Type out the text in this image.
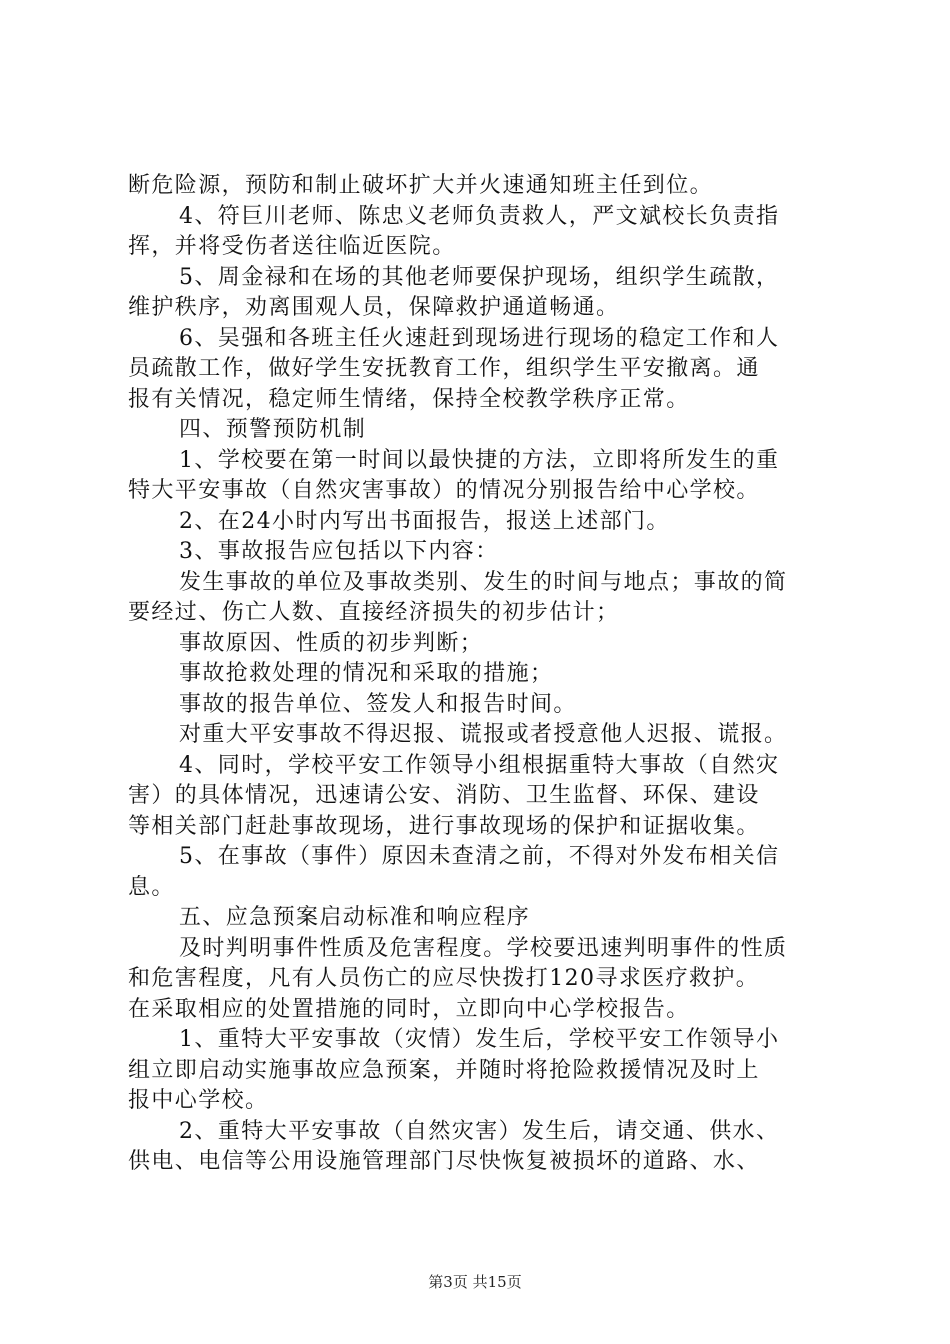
断危险源，预防和制止破坏扩大并火速通知班主任到位。
4、符巨川老师、陈忠义老师负责救人，严文斌校长负责指
挥，并将受伤者送往临近医院。
5、周金禄和在场的其他老师要保护现场，组织学生疏散，
维护秩序，劝离围观人员，保障救护通道畅通。
6、吴强和各班主任火速赶到现场进行现场的稳定工作和人
员疏散工作，做好学生安抚教育工作，组织学生平安撤离。通
报有关情况，稳定师生情绪，保持全校教学秩序正常。
四、预警预防机制
1、学校要在第一时间以最快捷的方法，立即将所发生的重
特大平安事故（自然灾害事故）的情况分别报告给中心学校。
2、在24小时内写出书面报告，报送上述部门。
3、事故报告应包括以下内容：
发生事故的单位及事故类别、发生的时间与地点；事故的简
要经过、伤亡人数、直接经济损失的初步估计；
事故原因、性质的初步判断；
事故抢救处理的情况和采取的措施；
事故的报告单位、签发人和报告时间。
对重大平安事故不得迟报、谎报或者授意他人迟报、谎报。
4、同时，学校平安工作领导小组根据重特大事故（自然灾
害）的具体情况，迅速请公安、消防、卫生监督、环保、建设
等相关部门赶赴事故现场，进行事故现场的保护和证据收集。
5、在事故（事件）原因未查清之前，不得对外发布相关信
息。
五、应急预案启动标准和响应程序
及时判明事件性质及危害程度。学校要迅速判明事件的性质
和危害程度，凡有人员伤亡的应尽快拨打120寻求医疗救护。
在采取相应的处置措施的同时，立即向中心学校报告。
1、重特大平安事故（灾情）发生后，学校平安工作领导小
组立即启动实施事故应急预案，并随时将抢险救援情况及时上
报中心学校。
2、重特大平安事故（自然灾害）发生后，请交通、供水、
供电、电信等公用设施管理部门尽快恢复被损坏的道路、水、
第3页 共15页
